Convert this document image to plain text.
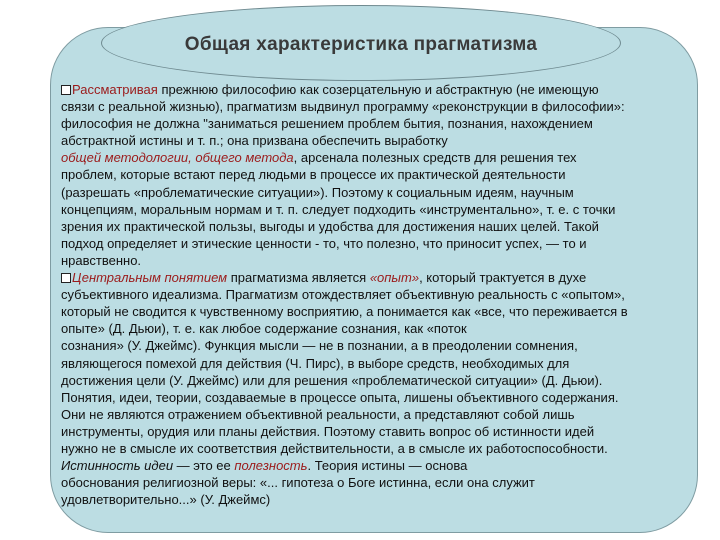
Общая характеристика прагматизма
Рассматривая прежнюю философию как созерцательную и абстрактную (не имеющую
связи с реальной жизнью), прагматизм выдвинул программу «реконструкции в философии»:
философия не должна "заниматься решением проблем бытия, познания, нахождением
абстрактной истины и т. п.; она призвана обеспечить выработку
общей методологии, общего метода, арсенала полезных средств для решения тех
проблем, которые встают перед людьми в процессе их практической деятельности
(разрешать «проблематические ситуации»). Поэтому к социальным идеям, научным
концепциям, моральным нормам и т. п. следует подходить «инструментально», т. е. с точки
зрения их практической пользы, выгоды и удобства для достижения наших целей. Такой
подход определяет и этические ценности - то, что полезно, что приносит успех, — то и
нравственно.
Центральным понятием прагматизма является «опыт», который трактуется в духе
субъективного идеализма. Прагматизм отождествляет объективную реальность с «опытом»,
который не сводится к чувственному восприятию, а понимается как «все, что переживается в
опыте» (Д. Дьюи), т. е. как любое содержание сознания, как «поток
сознания» (У. Джеймс). Функция мысли — не в познании, а в преодолении сомнения,
являющегося помехой для действия (Ч. Пирс), в выборе средств, необходимых для
достижения цели (У. Джеймс) или для решения «проблематической ситуации» (Д. Дьюи).
Понятия, идеи, теории, создаваемые в процессе опыта, лишены объективного содержания.
Они не являются отражением объективной реальности, а представляют собой лишь
инструменты, орудия или планы действия. Поэтому ставить вопрос об истинности идей
нужно не в смысле их соответствия действительности, а в смысле их работоспособности.
Истинность идеи — это ее полезность. Теория истины — основа
обоснования религиозной веры: «... гипотеза о Боге истинна, если она служит
удовлетворительно...» (У. Джеймс)
